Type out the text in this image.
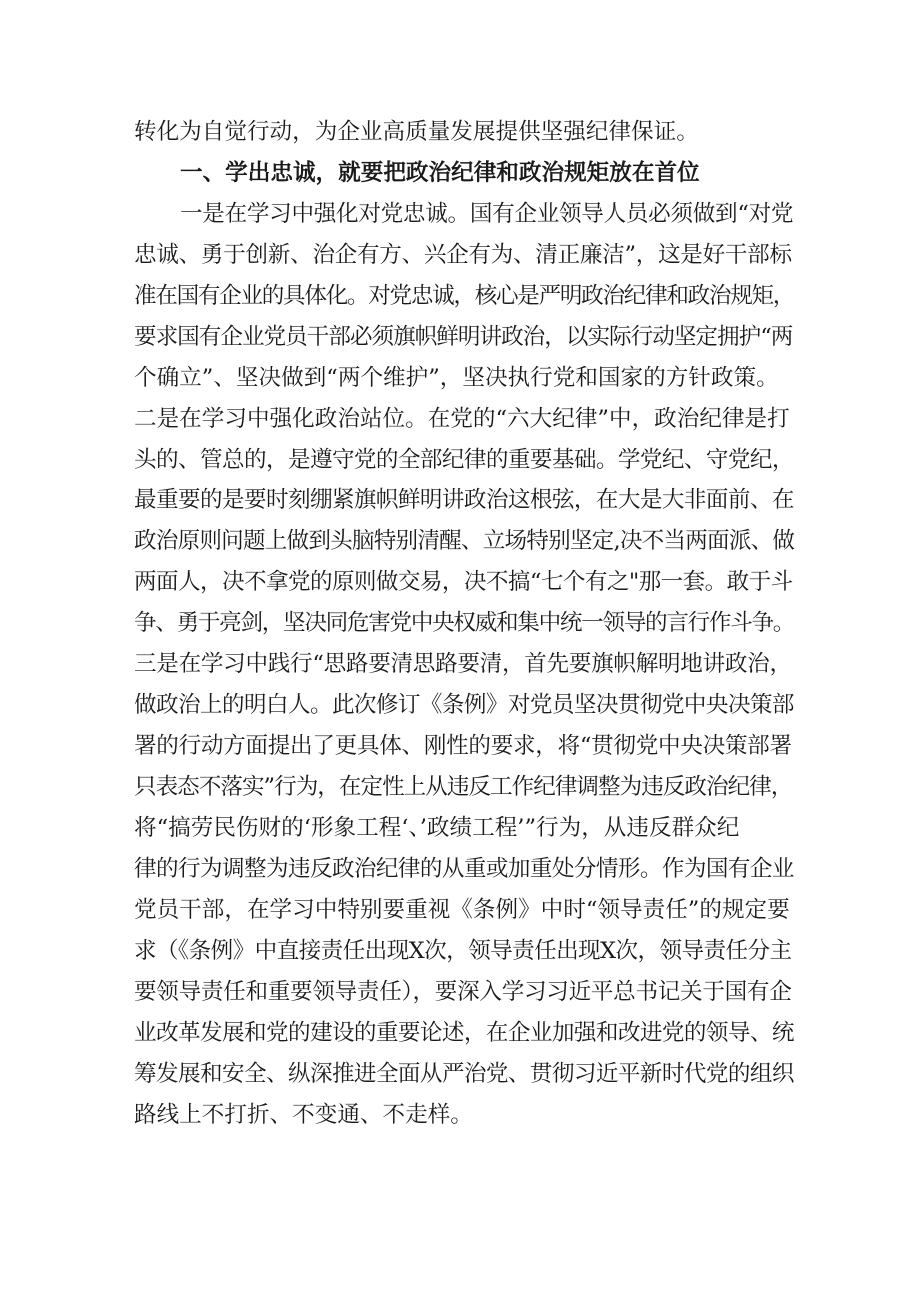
转化为自觉行动，为企业高质量发展提供坚强纪律保证。
一、学出忠诚，就要把政治纪律和政治规矩放在首位
一是在学习中强化对党忠诚。国有企业领导人员必须做到“对党
忠诚、勇于创新、治企有方、兴企有为、清正廉洁”，这是好干部标
准在国有企业的具体化。对党忠诚，核心是严明政治纪律和政治规矩，
要求国有企业党员干部必须旗帜鲜明讲政治，以实际行动坚定拥护“两
个确立”、坚决做到“两个维护”，坚决执行党和国家的方针政策。
二是在学习中强化政治站位。在党的“六大纪律”中，政治纪律是打
头的、管总的，是遵守党的全部纪律的重要基础。学党纪、守党纪，
最重要的是要时刻绷紧旗帜鲜明讲政治这根弦，在大是大非面前、在
政治原则问题上做到头脑特别清醒、立场特别坚定,决不当两面派、做
两面人，决不拿党的原则做交易，决不搞“七个有之"那一套。敢于斗
争、勇于亮剑，坚决同危害党中央权威和集中统一领导的言行作斗争。
三是在学习中践行“思路要清思路要清，首先要旗帜解明地讲政治，
做政治上的明白人。此次修订《条例》对党员坚决贯彻党中央决策部
署的行动方面提出了更具体、刚性的要求，将“贯彻党中央决策部署
只表态不落实”行为，在定性上从违反工作纪律调整为违反政治纪律，
将“搞劳民伤财的‘形象工程‘、’政绩工程’”行为，从违反群众纪
律的行为调整为违反政治纪律的从重或加重处分情形。作为国有企业
党员干部，在学习中特别要重视《条例》中时“领导责任”的规定要
求（《条例》中直接责任出现X次，领导责任出现X次，领导责任分主
要领导责任和重要领导责任），要深入学习习近平总书记关于国有企
业改革发展和党的建设的重要论述，在企业加强和改进党的领导、统
筹发展和安全、纵深推进全面从严治党、贯彻习近平新时代党的组织
路线上不打折、不变通、不走样。
